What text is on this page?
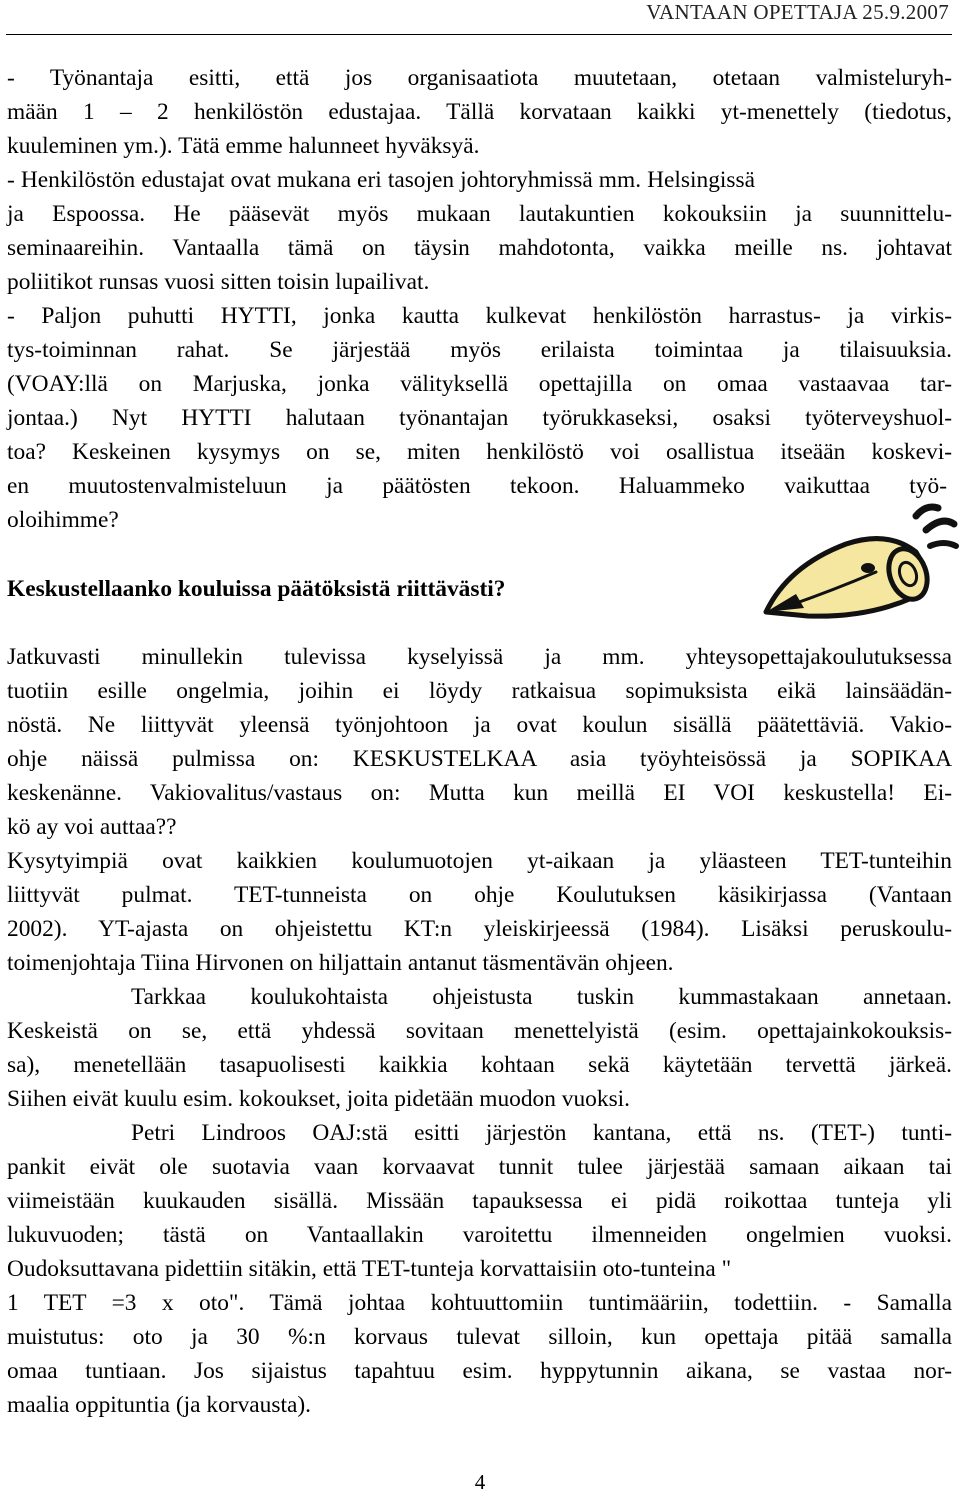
VANTAAN OPETTAJA 25.9.2007
- Työnantaja esitti, että jos organisaatiota muutetaan, otetaan valmisteluryh-
mään 1 – 2 henkilöstön edustajaa. Tällä korvataan kaikki yt-menettely (tiedotus,
kuuleminen ym.). Tätä emme halunneet hyväksyä.
- Henkilöstön edustajat ovat mukana eri tasojen johtoryhmissä mm. Helsingissä
ja Espoossa. He pääsevät myös mukaan lautakuntien kokouksiin ja suunnittelu-
seminaareihin. Vantaalla tämä on täysin mahdotonta, vaikka meille ns. johtavat
poliitikot runsas vuosi sitten toisin lupailivat.
- Paljon puhutti HYTTI, jonka kautta kulkevat henkilöstön harrastus- ja virkis-
tys-toiminnan rahat. Se järjestää myös erilaista toimintaa ja tilaisuuksia.
(VOAY:llä on Marjuska, jonka välityksellä opettajilla on omaa vastaavaa tar-
jontaa.) Nyt HYTTI halutaan työnantajan työrukkaseksi, osaksi työterveyshuol-
toa? Keskeinen kysymys on se, miten henkilöstö voi osallistua itseään koskevi-
en muutostenvalmisteluun ja päätösten tekoon. Haluammeko vaikuttaa työ-
oloihimme?
Keskustellaanko kouluissa päätöksistä riittävästi?
Jatkuvasti minullekin tulevissa kyselyissä ja mm. yhteysopettajakoulutuksessa
tuotiin esille ongelmia, joihin ei löydy ratkaisua sopimuksista eikä lainsäädän-
nöstä. Ne liittyvät yleensä työnjohtoon ja ovat koulun sisällä päätettäviä. Vakio-
ohje näissä pulmissa on: KESKUSTELKAA asia työyhteisössä ja SOPIKAA
keskenänne. Vakiovalitus/vastaus on: Mutta kun meillä EI VOI keskustella! Ei-
kö ay voi auttaa??
Kysytyimpiä ovat kaikkien koulumuotojen yt-aikaan ja yläasteen TET-tunteihin
liittyvät pulmat. TET-tunneista on ohje Koulutuksen käsikirjassa (Vantaan
2002). YT-ajasta on ohjeistettu KT:n yleiskirjeessä (1984). Lisäksi peruskoulu-
toimenjohtaja Tiina Hirvonen on hiljattain antanut täsmentävän ohjeen.
Tarkkaa koulukohtaista ohjeistusta tuskin kummastakaan annetaan.
Keskeistä on se, että yhdessä sovitaan menettelyistä (esim. opettajainkokouksis-
sa), menetellään tasapuolisesti kaikkia kohtaan sekä käytetään tervettä järkeä.
Siihen eivät kuulu esim. kokoukset, joita pidetään muodon vuoksi.
Petri Lindroos OAJ:stä esitti järjestön kantana, että ns. (TET-) tunti-
pankit eivät ole suotavia vaan korvaavat tunnit tulee järjestää samaan aikaan tai
viimeistään kuukauden sisällä. Missään tapauksessa ei pidä roikottaa tunteja yli
lukuvuoden; tästä on Vantaallakin varoitettu ilmenneiden ongelmien vuoksi.
Oudoksuttavana pidettiin sitäkin, että TET-tunteja korvattaisiin oto-tunteina "
1 TET =3 x oto". Tämä johtaa kohtuuttomiin tuntimääriin, todettiin. - Samalla
muistutus: oto ja 30 %:n korvaus tulevat silloin, kun opettaja pitää samalla
omaa tuntiaan. Jos sijaistus tapahtuu esim. hyppytunnin aikana, se vastaa nor-
maalia oppituntia (ja korvausta).
4
